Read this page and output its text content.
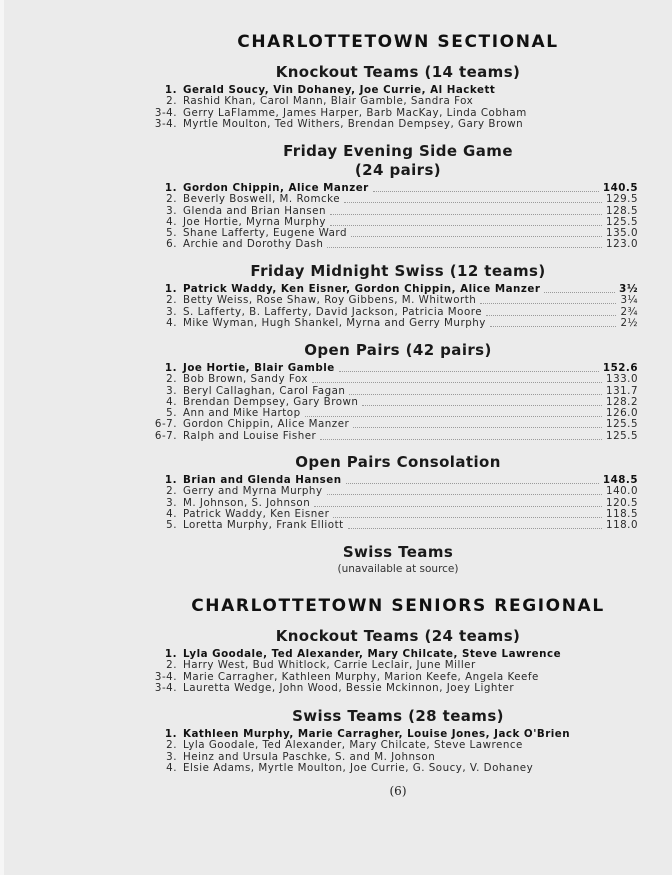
CHARLOTTETOWN SECTIONAL
Knockout Teams (14 teams)
1. Gerald Soucy, Vin Dohaney, Joe Currie, Al Hackett
2. Rashid Khan, Carol Mann, Blair Gamble, Sandra Fox
3-4. Gerry LaFlamme, James Harper, Barb MacKay, Linda Cobham
3-4. Myrtle Moulton, Ted Withers, Brendan Dempsey, Gary Brown
Friday Evening Side Game
(24 pairs)
1. Gordon Chippin, Alice Manzer	140.5
2. Beverly Boswell, M. Romcke	129.5
3. Glenda and Brian Hansen	128.5
4. Joe Hortie, Myrna Murphy	125.5
5. Shane Lafferty, Eugene Ward	135.0
6. Archie and Dorothy Dash	123.0
Friday Midnight Swiss (12 teams)
1. Patrick Waddy, Ken Eisner, Gordon Chippin, Alice Manzer	3½
2. Betty Weiss, Rose Shaw, Roy Gibbens, M. Whitworth	3¼
3. S. Lafferty, B. Lafferty, David Jackson, Patricia Moore	2¾
4. Mike Wyman, Hugh Shankel, Myrna and Gerry Murphy	2½
Open Pairs (42 pairs)
1. Joe Hortie, Blair Gamble	152.6
2. Bob Brown, Sandy Fox	133.0
3. Beryl Callaghan, Carol Fagan	131.7
4. Brendan Dempsey, Gary Brown	128.2
5. Ann and Mike Hartop	126.0
6-7. Gordon Chippin, Alice Manzer	125.5
6-7. Ralph and Louise Fisher	125.5
Open Pairs Consolation
1. Brian and Glenda Hansen	148.5
2. Gerry and Myrna Murphy	140.0
3. M. Johnson, S. Johnson	120.5
4. Patrick Waddy, Ken Eisner	118.5
5. Loretta Murphy, Frank Elliott	118.0
Swiss Teams
(unavailable at source)
CHARLOTTETOWN SENIORS REGIONAL
Knockout Teams (24 teams)
1. Lyla Goodale, Ted Alexander, Mary Chilcate, Steve Lawrence
2. Harry West, Bud Whitlock, Carrie Leclair, June Miller
3-4. Marie Carragher, Kathleen Murphy, Marion Keefe, Angela Keefe
3-4. Lauretta Wedge, John Wood, Bessie Mckinnon, Joey Lighter
Swiss Teams (28 teams)
1. Kathleen Murphy, Marie Carragher, Louise Jones, Jack O'Brien
2. Lyla Goodale, Ted Alexander, Mary Chilcate, Steve Lawrence
3. Heinz and Ursula Paschke, S. and M. Johnson
4. Elsie Adams, Myrtle Moulton, Joe Currie, G. Soucy, V. Dohaney
(6)
